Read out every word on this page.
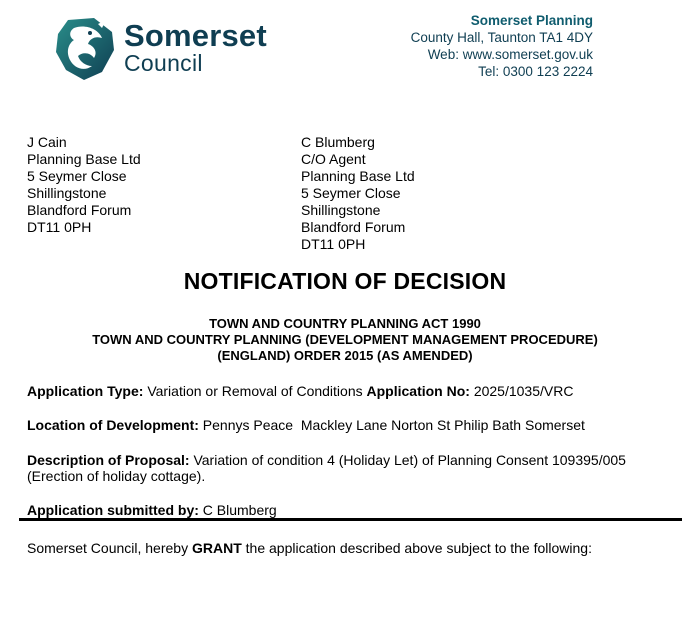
Somerset
Council
Somerset Planning
County Hall, Taunton TA1 4DY
Web: www.somerset.gov.uk
Tel: 0300 123 2224
J Cain
Planning Base Ltd
5 Seymer Close
Shillingstone
Blandford Forum
DT11 0PH
C Blumberg
C/O Agent
Planning Base Ltd
5 Seymer Close
Shillingstone
Blandford Forum
DT11 0PH
NOTIFICATION OF DECISION
TOWN AND COUNTRY PLANNING ACT 1990
TOWN AND COUNTRY PLANNING (DEVELOPMENT MANAGEMENT PROCEDURE)
(ENGLAND) ORDER 2015 (AS AMENDED)
Application Type: Variation or Removal of Conditions Application No: 2025/1035/VRC
Location of Development: Pennys Peace  Mackley Lane Norton St Philip Bath Somerset
Description of Proposal: Variation of condition 4 (Holiday Let) of Planning Consent 109395/005 (Erection of holiday cottage).
Application submitted by: C Blumberg
Somerset Council, hereby GRANT the application described above subject to the following:
